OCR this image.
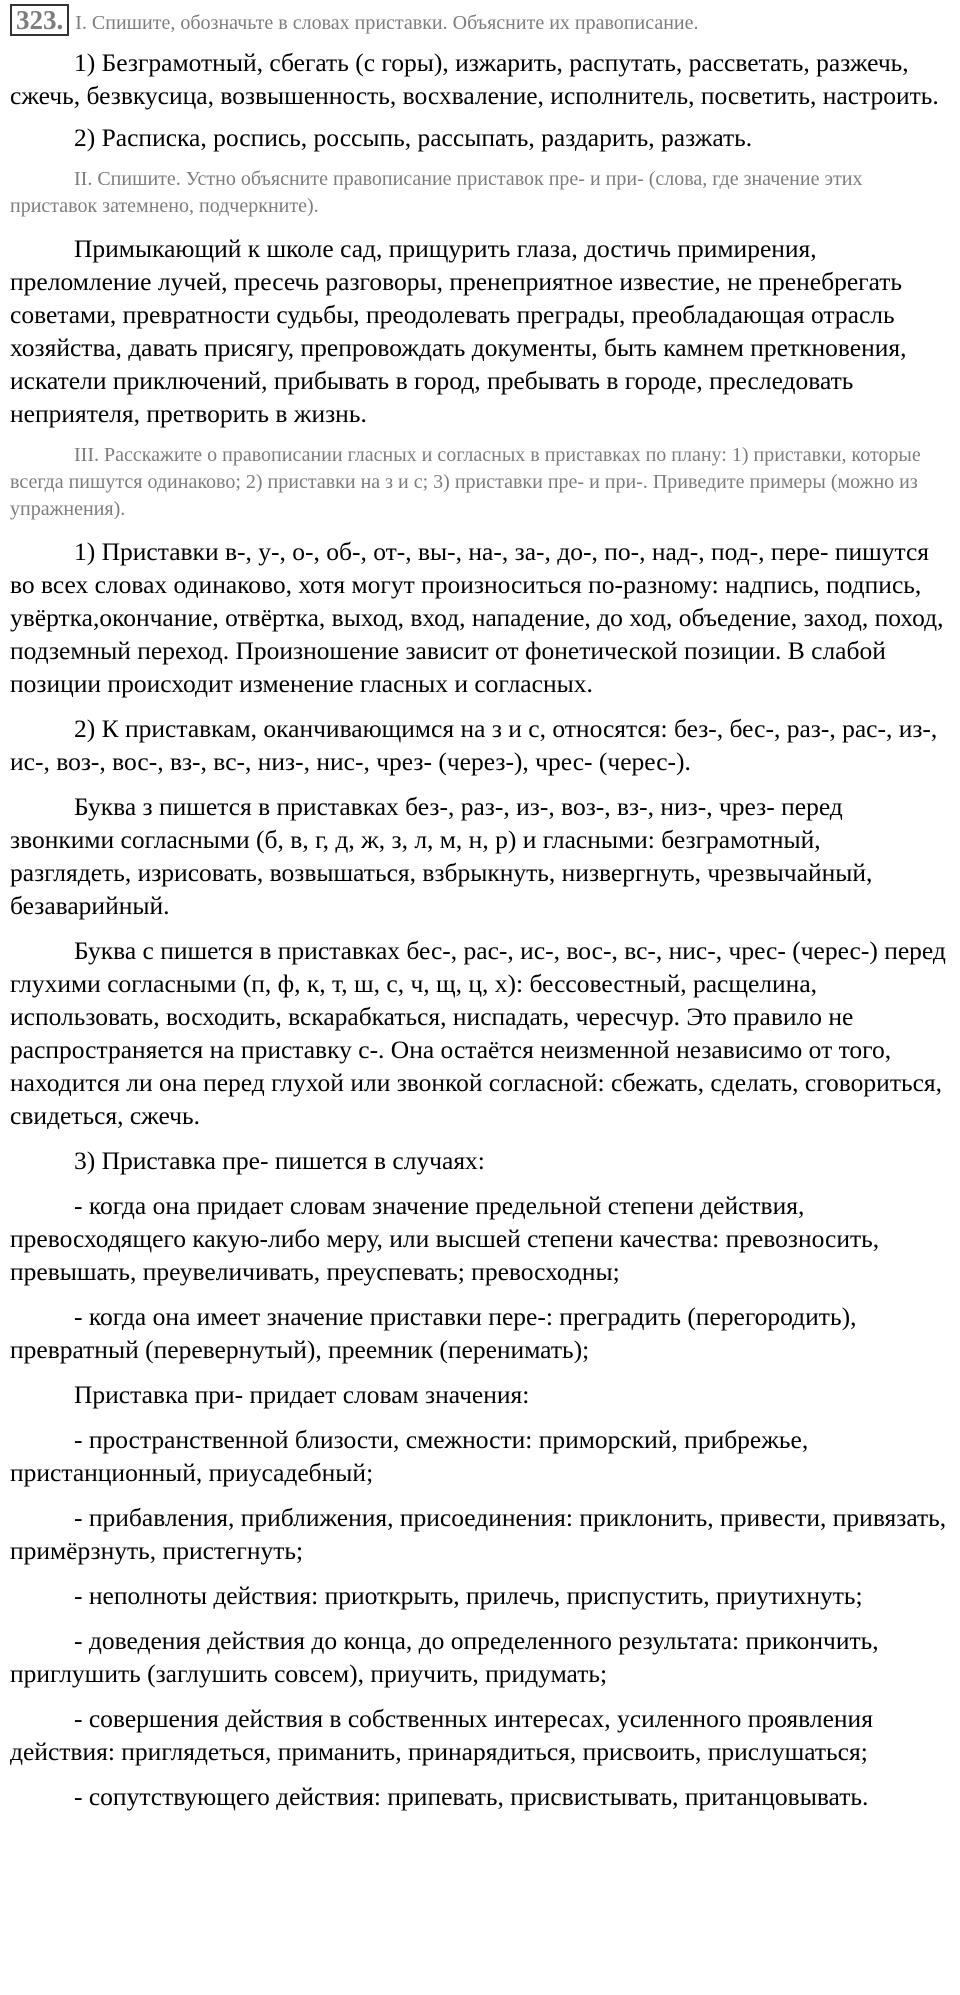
323. I. Спишите, обозначьте в словах приставки. Объясните их правописание.

1) Безграмотный, сбегать (с горы), изжарить, распутать, рассветать, разжечь, сжечь, безвкусица, возвышенность, восхваление, исполнитель, посветить, настроить.

2) Расписка, роспись, россыпь, рассыпать, раздарить, разжать.

II. Спишите. Устно объясните правописание приставок пре- и при- (слова, где значение этих приставок затемнено, подчеркните).

Примыкающий к школе сад, прищурить глаза, достичь примирения, преломление лучей, пресечь разговоры, пренеприятное известие, не пренебрегать советами, превратности судьбы, преодолевать преграды, преобладающая отрасль хозяйства, давать присягу, препровождать документы, быть камнем преткновения, искатели приключений, прибывать в город, пребывать в городе, преследовать неприятеля, претворить в жизнь.

III. Расскажите о правописании гласных и согласных в приставках по плану: 1) приставки, которые всегда пишутся одинаково; 2) приставки на з и с; 3) приставки пре- и при-. Приведите примеры (можно из упражнения).

1) Приставки в-, у-, о-, об-, от-, вы-, на-, за-, до-, по-, над-, под-, пере- пишутся во всех словах одинаково, хотя могут произноситься по-разному: надпись, подпись, увёртка,окончание, отвёртка, выход, вход, нападение, до ход, объедение, заход, поход, подземный переход. Произношение зависит от фонетической позиции. В слабой позиции происходит изменение гласных и согласных.

2) К приставкам, оканчивающимся на з и с, относятся: без-, бес-, раз-, рас-, из-, ис-, воз-, вос-, вз-, вс-, низ-, нис-, чрез- (через-), чрес- (черес-).

Буква з пишется в приставках без-, раз-, из-, воз-, вз-, низ-, чрез- перед звонкими согласными (б, в, г, д, ж, з, л, м, н, р) и гласными: безграмотный, разглядеть, изрисовать, возвышаться, взбрыкнуть, низвергнуть, чрезвычайный, безаварийный.

Буква с пишется в приставках бес-, рас-, ис-, вос-, вс-, нис-, чрес- (черес-) перед глухими согласными (п, ф, к, т, ш, с, ч, щ, ц, х): бессовестный, расщелина, использовать, восходить, вскарабкаться, ниспадать, чересчур. Это правило не распространяется на приставку с-. Она остаётся неизменной независимо от того, находится ли она перед глухой или звонкой согласной: сбежать, сделать, сговориться, свидеться, сжечь.

3) Приставка пре- пишется в случаях:

- когда она придает словам значение предельной степени действия, превосходящего какую-либо меру, или высшей степени качества: превозносить, превышать, преувеличивать, преуспевать; превосходны;

- когда она имеет значение приставки пере-: преградить (перегородить), превратный (перевернутый), преемник (перенимать);

Приставка при- придает словам значения:

- пространственной близости, смежности: приморский, прибрежье, пристанционный, приусадебный;

- прибавления, приближения, присоединения: приклонить, привести, привязать, примёрзнуть, пристегнуть;

- неполноты действия: приоткрыть, прилечь, приспустить, приутихнуть;

- доведения действия до конца, до определенного результата: прикончить, приглушить (заглушить совсем), приучить, придумать;

- совершения действия в собственных интересах, усиленного проявления действия: приглядеться, приманить, принарядиться, присвоить, прислушаться;

- сопутствующего действия: припевать, присвистывать, пританцовывать.
